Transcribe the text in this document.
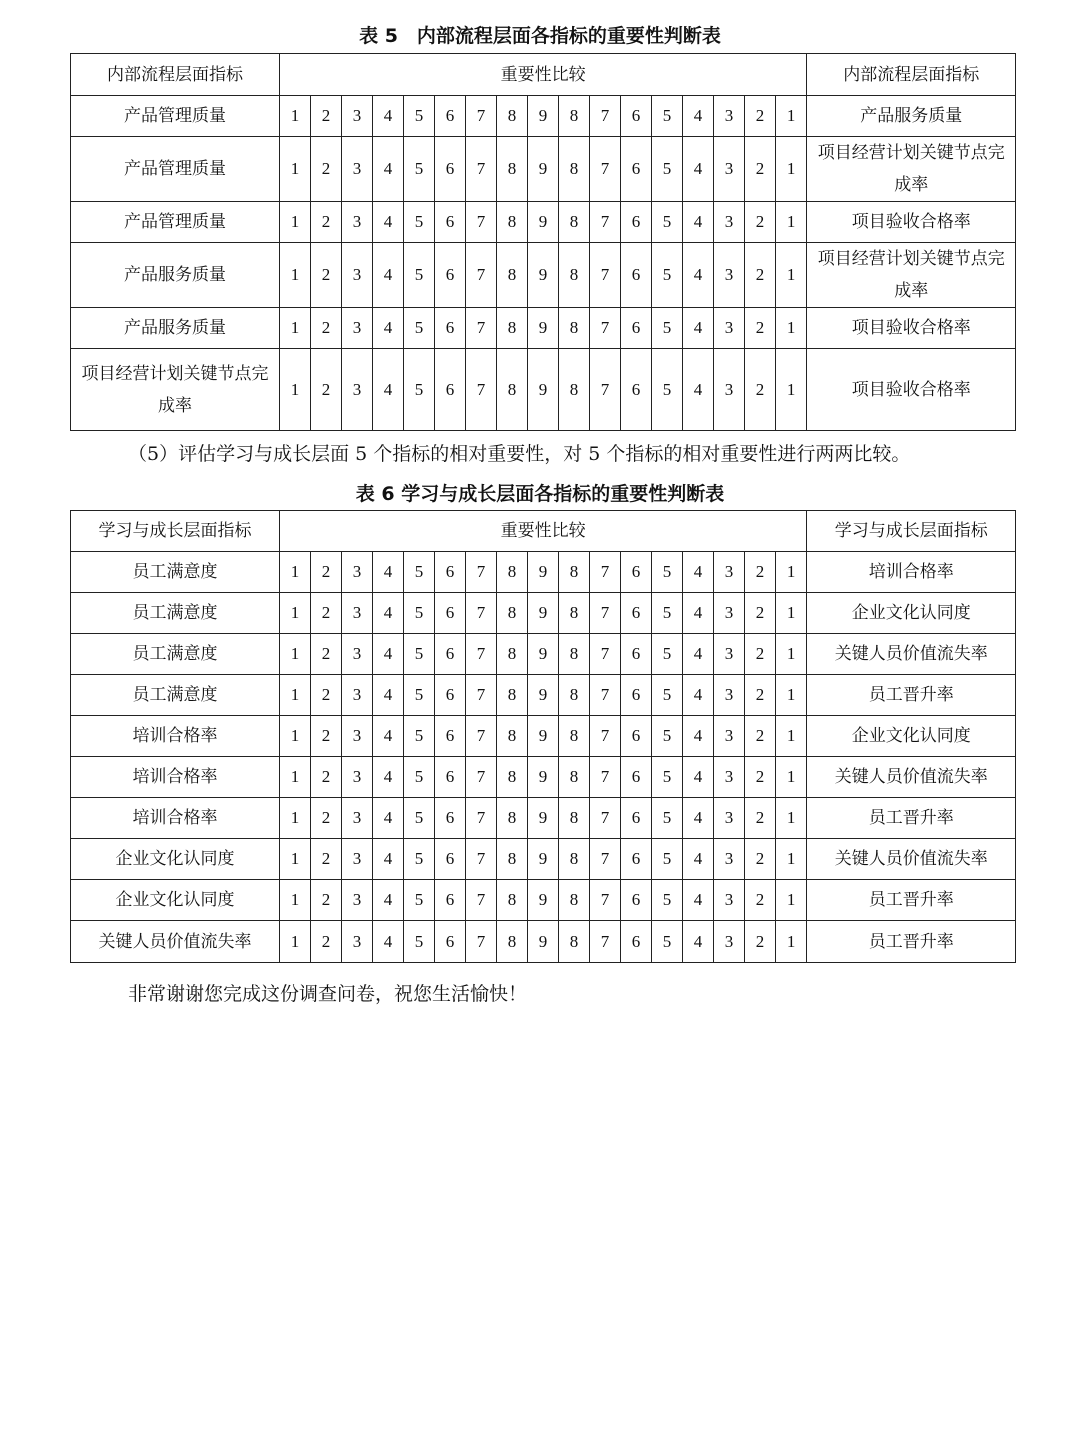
表 5　内部流程层面各指标的重要性判断表
内部流程层面指标	重要性比较																	内部流程层面指标
产品管理质量	1	2	3	4	5	6	7	8	9	8	7	6	5	4	3	2	1	产品服务质量
产品管理质量	1	2	3	4	5	6	7	8	9	8	7	6	5	4	3	2	1	项目经营计划关键节点完成率
产品管理质量	1	2	3	4	5	6	7	8	9	8	7	6	5	4	3	2	1	项目验收合格率
产品服务质量	1	2	3	4	5	6	7	8	9	8	7	6	5	4	3	2	1	项目经营计划关键节点完成率
产品服务质量	1	2	3	4	5	6	7	8	9	8	7	6	5	4	3	2	1	项目验收合格率
项目经营计划关键节点完成率	1	2	3	4	5	6	7	8	9	8	7	6	5	4	3	2	1	项目验收合格率
（5）评估学习与成长层面 5 个指标的相对重要性，对 5 个指标的相对重要性进行两两比较。
表 6 学习与成长层面各指标的重要性判断表
学习与成长层面指标	重要性比较																	学习与成长层面指标
员工满意度	1	2	3	4	5	6	7	8	9	8	7	6	5	4	3	2	1	培训合格率
员工满意度	1	2	3	4	5	6	7	8	9	8	7	6	5	4	3	2	1	企业文化认同度
员工满意度	1	2	3	4	5	6	7	8	9	8	7	6	5	4	3	2	1	关键人员价值流失率
员工满意度	1	2	3	4	5	6	7	8	9	8	7	6	5	4	3	2	1	员工晋升率
培训合格率	1	2	3	4	5	6	7	8	9	8	7	6	5	4	3	2	1	企业文化认同度
培训合格率	1	2	3	4	5	6	7	8	9	8	7	6	5	4	3	2	1	关键人员价值流失率
培训合格率	1	2	3	4	5	6	7	8	9	8	7	6	5	4	3	2	1	员工晋升率
企业文化认同度	1	2	3	4	5	6	7	8	9	8	7	6	5	4	3	2	1	关键人员价值流失率
企业文化认同度	1	2	3	4	5	6	7	8	9	8	7	6	5	4	3	2	1	员工晋升率
关键人员价值流失率	1	2	3	4	5	6	7	8	9	8	7	6	5	4	3	2	1	员工晋升率
非常谢谢您完成这份调查问卷，祝您生活愉快！
